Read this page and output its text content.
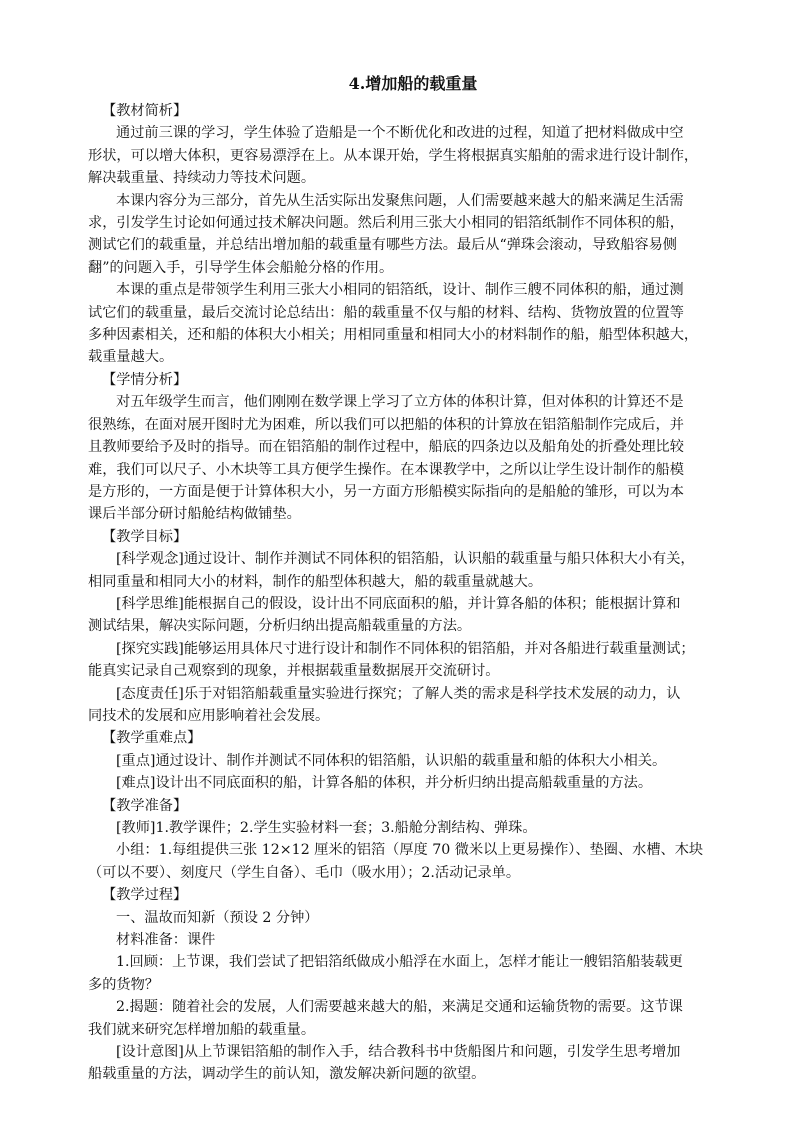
4.增加船的载重量
【教材简析】
通过前三课的学习，学生体验了造船是一个不断优化和改进的过程，知道了把材料做成中空
形状，可以增大体积，更容易漂浮在上。从本课开始，学生将根据真实船舶的需求进行设计制作，
解决载重量、持续动力等技术问题。
本课内容分为三部分，首先从生活实际出发聚焦问题，人们需要越来越大的船来满足生活需
求，引发学生讨论如何通过技术解决问题。然后利用三张大小相同的铝箔纸制作不同体积的船，
测试它们的载重量，并总结出增加船的载重量有哪些方法。最后从“弹珠会滚动，导致船容易侧
翻”的问题入手，引导学生体会船舱分格的作用。
本课的重点是带领学生利用三张大小相同的铝箔纸，设计、制作三艘不同体积的船，通过测
试它们的载重量，最后交流讨论总结出：船的载重量不仅与船的材料、结构、货物放置的位置等
多种因素相关，还和船的体积大小相关；用相同重量和相同大小的材料制作的船，船型体积越大，
载重量越大。
【学情分析】
对五年级学生而言，他们刚刚在数学课上学习了立方体的体积计算，但对体积的计算还不是
很熟练，在面对展开图时尤为困难，所以我们可以把船的体积的计算放在铝箔船制作完成后，并
且教师要给予及时的指导。而在铝箔船的制作过程中，船底的四条边以及船角处的折叠处理比较
难，我们可以尺子、小木块等工具方便学生操作。在本课教学中，之所以让学生设计制作的船模
是方形的，一方面是便于计算体积大小，另一方面方形船模实际指向的是船舱的雏形，可以为本
课后半部分研讨船舱结构做铺垫。
【教学目标】
[科学观念]通过设计、制作并测试不同体积的铝箔船，认识船的载重量与船只体积大小有关，
相同重量和相同大小的材料，制作的船型体积越大，船的载重量就越大。
[科学思维]能根据自己的假设，设计出不同底面积的船，并计算各船的体积；能根据计算和
测试结果，解决实际问题，分析归纳出提高船载重量的方法。
[探究实践]能够运用具体尺寸进行设计和制作不同体积的铝箔船，并对各船进行载重量测试；
能真实记录自己观察到的现象，并根据载重量数据展开交流研讨。
[态度责任]乐于对铝箔船载重量实验进行探究；了解人类的需求是科学技术发展的动力，认
同技术的发展和应用影响着社会发展。
【教学重难点】
[重点]通过设计、制作并测试不同体积的铝箔船，认识船的载重量和船的体积大小相关。
[难点]设计出不同底面积的船，计算各船的体积，并分析归纳出提高船载重量的方法。
【教学准备】
[教师]1.教学课件；2.学生实验材料一套；3.船舱分割结构、弹珠。
小组：1.每组提供三张 12×12 厘米的铝箔（厚度 70 微米以上更易操作）、垫圈、水槽、木块
（可以不要）、刻度尺（学生自备）、毛巾（吸水用）；2.活动记录单。
【教学过程】
一、温故而知新（预设 2 分钟）
材料准备：课件
1.回顾：上节课，我们尝试了把铝箔纸做成小船浮在水面上，怎样才能让一艘铝箔船装载更
多的货物？
2.揭题：随着社会的发展，人们需要越来越大的船，来满足交通和运输货物的需要。这节课
我们就来研究怎样增加船的载重量。
[设计意图]从上节课铝箔船的制作入手，结合教科书中货船图片和问题，引发学生思考增加
船载重量的方法，调动学生的前认知，激发解决新问题的欲望。
